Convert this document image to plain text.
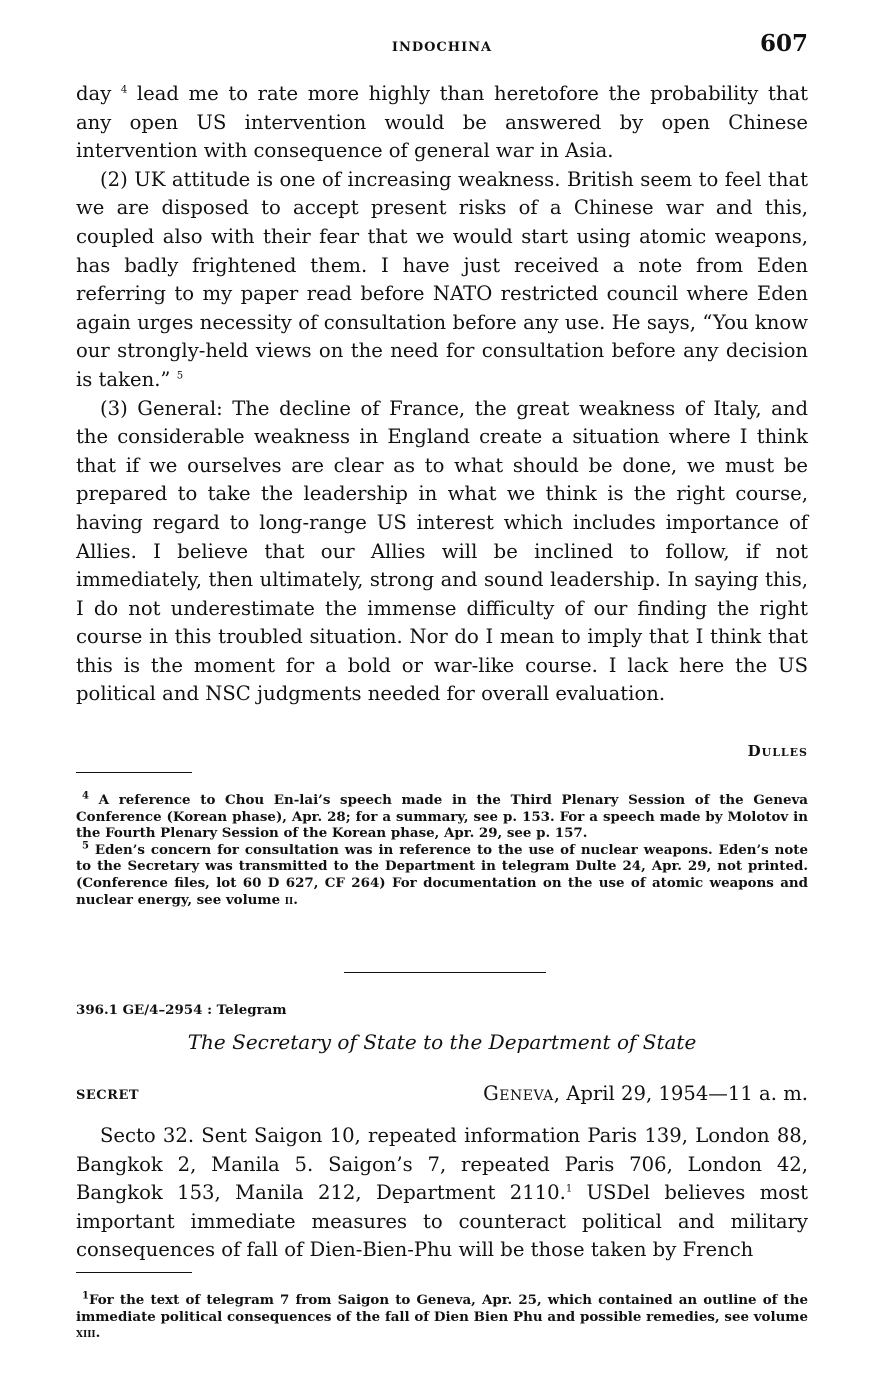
INDOCHINA	607

day $^4$ lead me to rate more highly than heretofore the probability that any open US intervention would be answered by open Chinese intervention with consequence of general war in Asia.

(2) UK attitude is one of increasing weakness. British seem to feel that we are disposed to accept present risks of a Chinese war and this, coupled also with their fear that we would start using atomic weapons, has badly frightened them. I have just received a note from Eden referring to my paper read before NATO restricted council where Eden again urges necessity of consultation before any use. He says, “You know our strongly-held views on the need for consultation before any decision is taken.” $^5$

(3) General: The decline of France, the great weakness of Italy, and the considerable weakness in England create a situation where I think that if we ourselves are clear as to what should be done, we must be prepared to take the leadership in what we think is the right course, having regard to long-range US interest which includes importance of Allies. I believe that our Allies will be inclined to follow, if not immediately, then ultimately, strong and sound leadership. In saying this, I do not underestimate the immense difficulty of our finding the right course in this troubled situation. Nor do I mean to imply that I think that this is the moment for a bold or war-like course. I lack here the US political and NSC judgments needed for overall evaluation.

Dulles

$^4$ A reference to Chou En-lai’s speech made in the Third Plenary Session of the Geneva Conference (Korean phase), Apr. 28; for a summary, see p. 153. For a speech made by Molotov in the Fourth Plenary Session of the Korean phase, Apr. 29, see p. 157.

$^5$ Eden’s concern for consultation was in reference to the use of nuclear weapons. Eden’s note to the Secretary was transmitted to the Department in telegram Dulte 24, Apr. 29, not printed. (Conference files, lot 60 D 627, CF 264) For documentation on the use of atomic weapons and nuclear energy, see volume ii.

396.1 GE/4–2954 : Telegram
The Secretary of State to the Department of State
SECRET	Geneva, April 29, 1954—11 a. m.

Secto 32. Sent Saigon 10, repeated information Paris 139, London 88, Bangkok 2, Manila 5. Saigon’s 7, repeated Paris 706, London 42, Bangkok 153, Manila 212, Department 2110.$^1$ USDel believes most important immediate measures to counteract political and military consequences of fall of Dien-Bien-Phu will be those taken by French

$^1$For the text of telegram 7 from Saigon to Geneva, Apr. 25, which contained an outline of the immediate political consequences of the fall of Dien Bien Phu and possible remedies, see volume xiii.
